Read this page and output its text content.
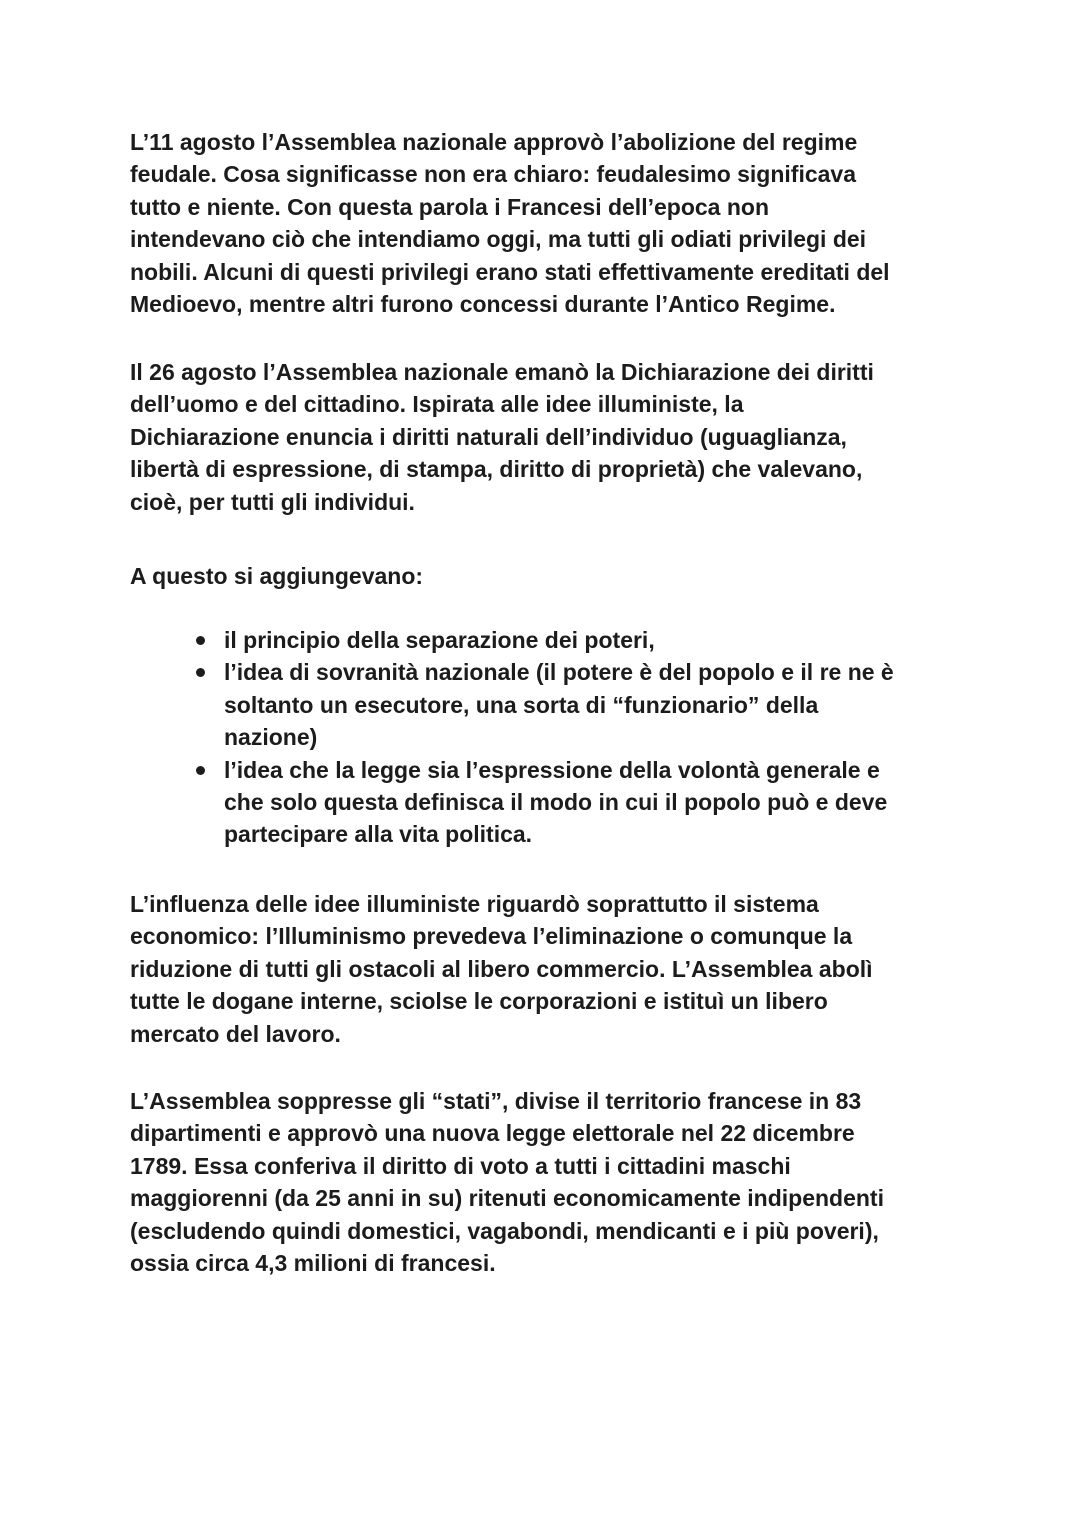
L’11 agosto l’Assemblea nazionale approvò l’abolizione del regime
feudale. Cosa significasse non era chiaro: feudalesimo significava
tutto e niente. Con questa parola i Francesi dell’epoca non
intendevano ciò che intendiamo oggi, ma tutti gli odiati privilegi dei
nobili. Alcuni di questi privilegi erano stati effettivamente ereditati del
Medioevo, mentre altri furono concessi durante l’Antico Regime.

Il 26 agosto l’Assemblea nazionale emanò la Dichiarazione dei diritti
dell’uomo e del cittadino. Ispirata alle idee illuministe, la
Dichiarazione enuncia i diritti naturali dell’individuo (uguaglianza,
libertà di espressione, di stampa, diritto di proprietà) che valevano,
cioè, per tutti gli individui.

A questo si aggiungevano:

il principio della separazione dei poteri,
l’idea di sovranità nazionale (il potere è del popolo e il re ne è
soltanto un esecutore, una sorta di “funzionario” della
nazione)
l’idea che la legge sia l’espressione della volontà generale e
che solo questa definisca il modo in cui il popolo può e deve
partecipare alla vita politica.

L’influenza delle idee illuministe riguardò soprattutto il sistema
economico: l’Illuminismo prevedeva l’eliminazione o comunque la
riduzione di tutti gli ostacoli al libero commercio. L’Assemblea abolì
tutte le dogane interne, sciolse le corporazioni e istituì un libero
mercato del lavoro.

L’Assemblea soppresse gli “stati”, divise il territorio francese in 83
dipartimenti e approvò una nuova legge elettorale nel 22 dicembre
1789. Essa conferiva il diritto di voto a tutti i cittadini maschi
maggiorenni (da 25 anni in su) ritenuti economicamente indipendenti
(escludendo quindi domestici, vagabondi, mendicanti e i più poveri),
ossia circa 4,3 milioni di francesi.
